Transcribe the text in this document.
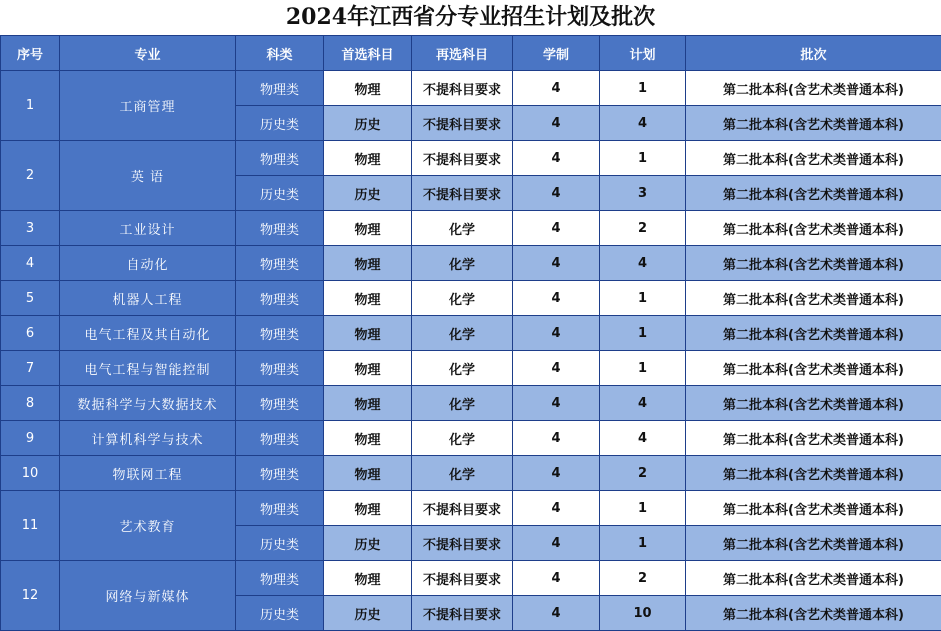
2024年江西省分专业招生计划及批次
序号	专业	科类	首选科目	再选科目	学制	计划	批次
1	工商管理	物理类	物理	不提科目要求	4	1	第二批本科(含艺术类普通本科)
		历史类	历史	不提科目要求	4	4	第二批本科(含艺术类普通本科)
2	英 语	物理类	物理	不提科目要求	4	1	第二批本科(含艺术类普通本科)
		历史类	历史	不提科目要求	4	3	第二批本科(含艺术类普通本科)
3	工业设计	物理类	物理	化学	4	2	第二批本科(含艺术类普通本科)
4	自动化	物理类	物理	化学	4	4	第二批本科(含艺术类普通本科)
5	机器人工程	物理类	物理	化学	4	1	第二批本科(含艺术类普通本科)
6	电气工程及其自动化	物理类	物理	化学	4	1	第二批本科(含艺术类普通本科)
7	电气工程与智能控制	物理类	物理	化学	4	1	第二批本科(含艺术类普通本科)
8	数据科学与大数据技术	物理类	物理	化学	4	4	第二批本科(含艺术类普通本科)
9	计算机科学与技术	物理类	物理	化学	4	4	第二批本科(含艺术类普通本科)
10	物联网工程	物理类	物理	化学	4	2	第二批本科(含艺术类普通本科)
11	艺术教育	物理类	物理	不提科目要求	4	1	第二批本科(含艺术类普通本科)
		历史类	历史	不提科目要求	4	1	第二批本科(含艺术类普通本科)
12	网络与新媒体	物理类	物理	不提科目要求	4	2	第二批本科(含艺术类普通本科)
		历史类	历史	不提科目要求	4	10	第二批本科(含艺术类普通本科)
